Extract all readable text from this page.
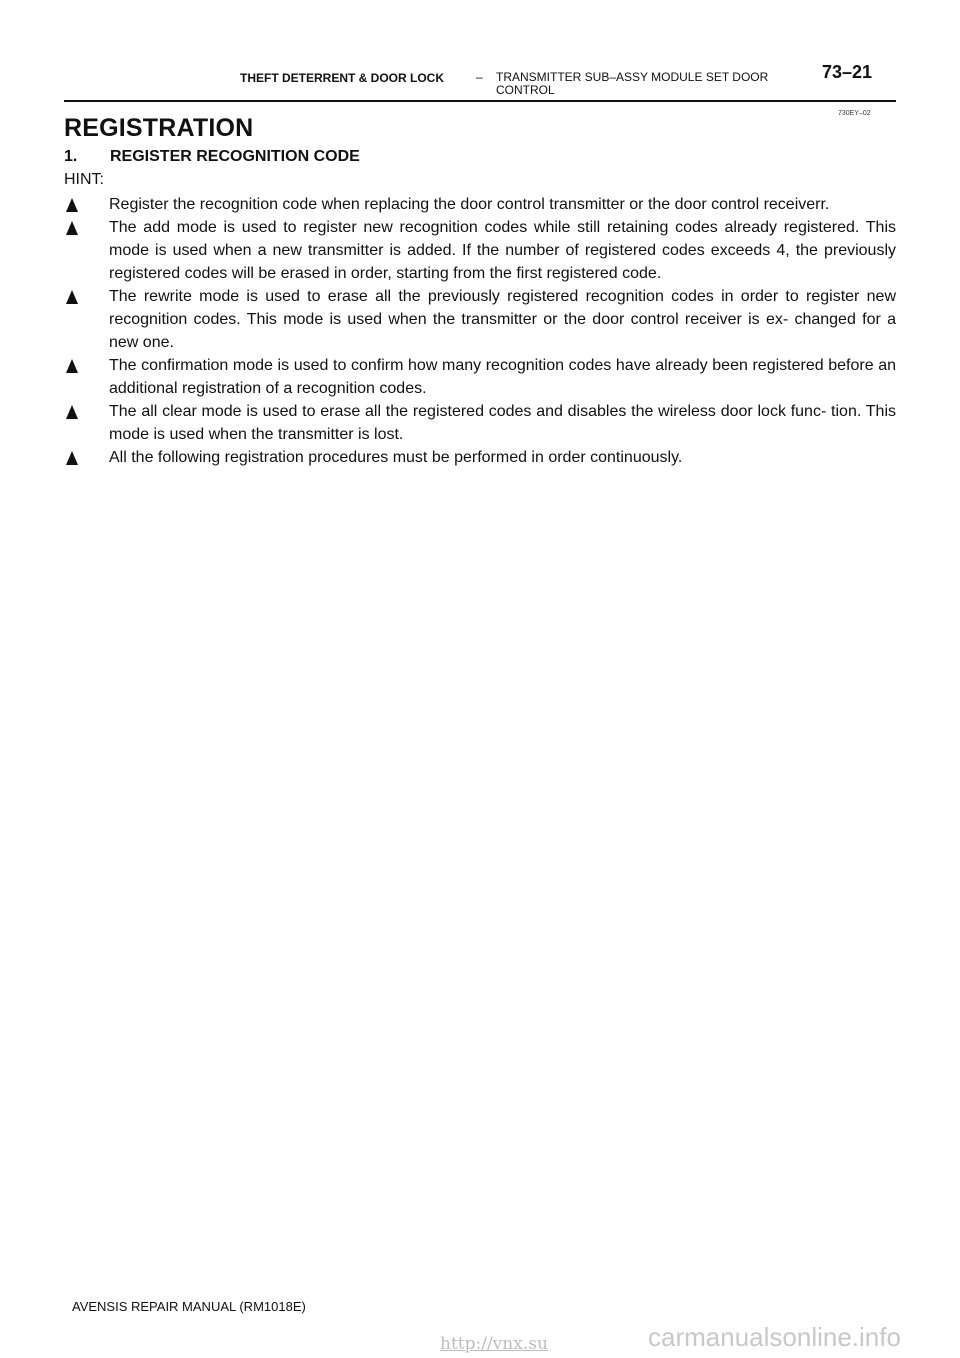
THEFT DETERRENT & DOOR LOCK	– TRANSMITTER SUB–ASSY MODULE SET DOOR CONTROL
73–21
730EY–02
REGISTRATION
1. REGISTER RECOGNITION CODE
HINT:
Register the recognition code when replacing the door control transmitter or the door control receiverr.
The add mode is used to register new recognition codes while still retaining codes already registered. This mode is used when a new transmitter is added. If the number of registered codes exceeds 4, the previously registered codes will be erased in order, starting from the first registered code.
The rewrite mode is used to erase all the previously registered recognition codes in order to register new recognition codes. This mode is used when the transmitter or the door control receiver is ex- changed for a new one.
The confirmation mode is used to confirm how many recognition codes have already been registered before an additional registration of a recognition codes.
The all clear mode is used to erase all the registered codes and disables the wireless door lock func- tion. This mode is used when the transmitter is lost.
All the following registration procedures must be performed in order continuously.
AVENSIS REPAIR MANUAL (RM1018E)
http://vnx.su	carmanualsonline.info
